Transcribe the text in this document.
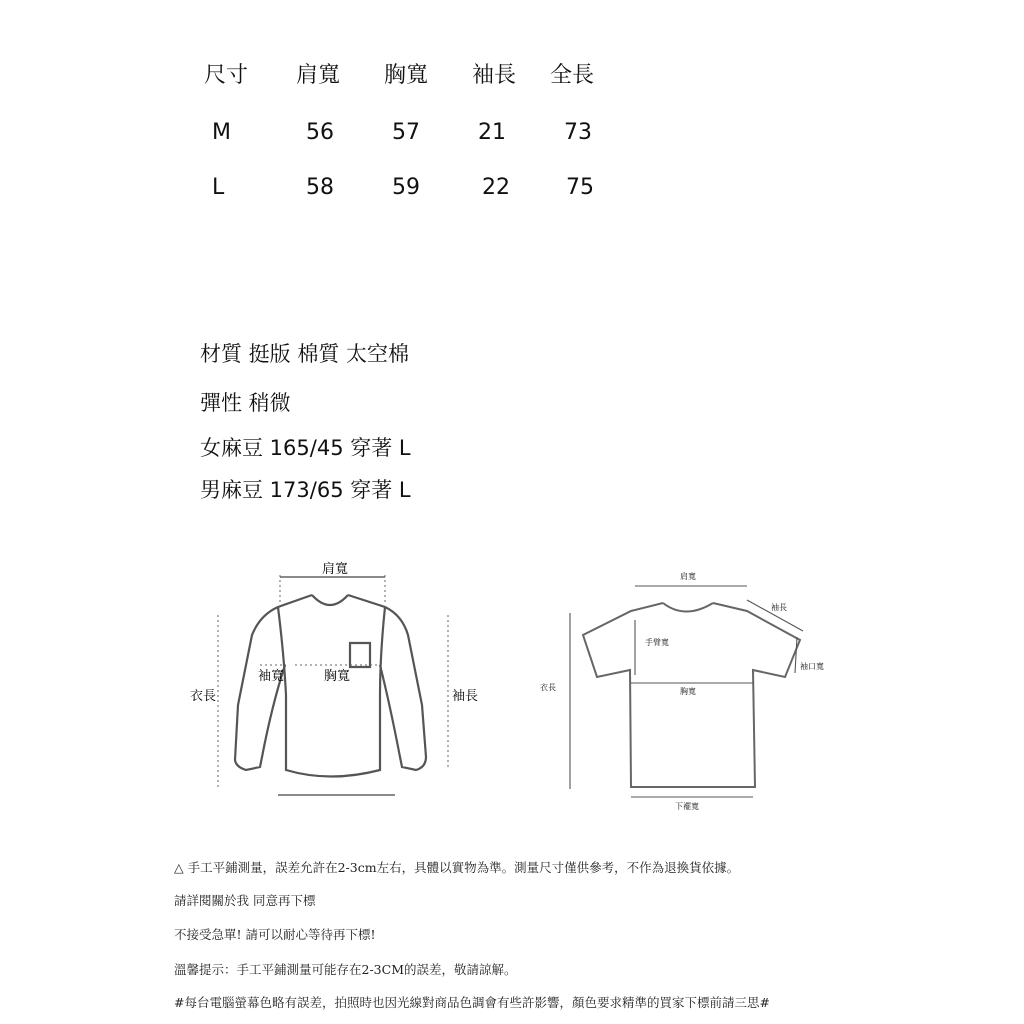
尺寸 肩寬 胸寬 袖長 全長
M	56	57	21	73
L	58	59	22	75
材質 挺版 棉質 太空棉
彈性 稍微
女麻豆 165/45 穿著 L
男麻豆 173/65 穿著 L
肩寬
袖寬	胸寬
衣長	袖長
肩寬
袖長
手臂寬
袖口寬
衣長	胸寬
下襬寬
△ 手工平鋪測量，誤差允許在2-3cm左右，具體以實物為準。測量尺寸僅供參考，不作為退換貨依據。
請詳閱關於我 同意再下標
不接受急單! 請可以耐心等待再下標!
溫馨提示：手工平鋪測量可能存在2-3CM的誤差，敬請諒解。
#每台電腦螢幕色略有誤差，拍照時也因光線對商品色調會有些許影響，顏色要求精準的買家下標前請三思#
